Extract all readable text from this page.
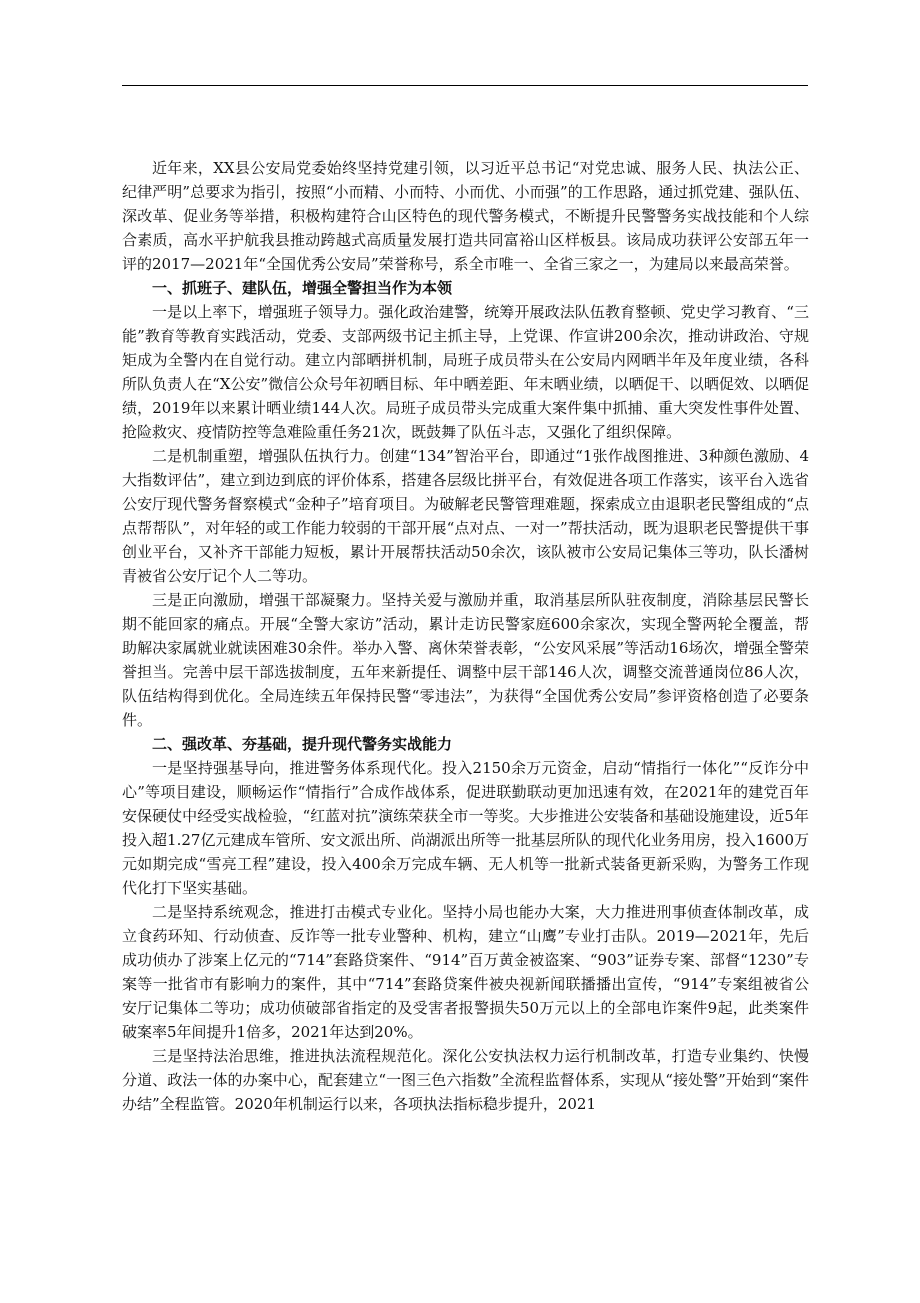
近年来，XX县公安局党委始终坚持党建引领，以习近平总书记“对党忠诚、服务人民、执法公正、纪律严明”总要求为指引，按照“小而精、小而特、小而优、小而强”的工作思路，通过抓党建、强队伍、深改革、促业务等举措，积极构建符合山区特色的现代警务模式，不断提升民警警务实战技能和个人综合素质，高水平护航我县推动跨越式高质量发展打造共同富裕山区样板县。该局成功获评公安部五年一评的2017—2021年“全国优秀公安局”荣誉称号，系全市唯一、全省三家之一，为建局以来最高荣誉。

一、抓班子、建队伍，增强全警担当作为本领

一是以上率下，增强班子领导力。强化政治建警，统筹开展政法队伍教育整顿、党史学习教育、“三能”教育等教育实践活动，党委、支部两级书记主抓主导，上党课、作宣讲200余次，推动讲政治、守规矩成为全警内在自觉行动。建立内部晒拼机制，局班子成员带头在公安局内网晒半年及年度业绩，各科所队负责人在“X公安”微信公众号年初晒目标、年中晒差距、年末晒业绩，以晒促干、以晒促效、以晒促绩，2019年以来累计晒业绩144人次。局班子成员带头完成重大案件集中抓捕、重大突发性事件处置、抢险救灾、疫情防控等急难险重任务21次，既鼓舞了队伍斗志，又强化了组织保障。

二是机制重塑，增强队伍执行力。创建“134”智治平台，即通过“1张作战图推进、3种颜色激励、4大指数评估”，建立到边到底的评价体系，搭建各层级比拼平台，有效促进各项工作落实，该平台入选省公安厅现代警务督察模式“金种子”培育项目。为破解老民警管理难题，探索成立由退职老民警组成的“点点帮帮队”，对年轻的或工作能力较弱的干部开展“点对点、一对一”帮扶活动，既为退职老民警提供干事创业平台，又补齐干部能力短板，累计开展帮扶活动50余次，该队被市公安局记集体三等功，队长潘树青被省公安厅记个人二等功。

三是正向激励，增强干部凝聚力。坚持关爱与激励并重，取消基层所队驻夜制度，消除基层民警长期不能回家的痛点。开展“全警大家访”活动，累计走访民警家庭600余家次，实现全警两轮全覆盖，帮助解决家属就业就读困难30余件。举办入警、离休荣誉表彰，“公安风采展”等活动16场次，增强全警荣誉担当。完善中层干部选拔制度，五年来新提任、调整中层干部146人次，调整交流普通岗位86人次，队伍结构得到优化。全局连续五年保持民警“零违法”，为获得“全国优秀公安局”参评资格创造了必要条件。

二、强改革、夯基础，提升现代警务实战能力

一是坚持强基导向，推进警务体系现代化。投入2150余万元资金，启动“情指行一体化”“反诈分中心”等项目建设，顺畅运作“情指行”合成作战体系，促进联勤联动更加迅速有效，在2021年的建党百年安保硬仗中经受实战检验，“红蓝对抗”演练荣获全市一等奖。大步推进公安装备和基础设施建设，近5年投入超1.27亿元建成车管所、安文派出所、尚湖派出所等一批基层所队的现代化业务用房，投入1600万元如期完成“雪亮工程”建设，投入400余万完成车辆、无人机等一批新式装备更新采购，为警务工作现代化打下坚实基础。

二是坚持系统观念，推进打击模式专业化。坚持小局也能办大案，大力推进刑事侦查体制改革，成立食药环知、行动侦查、反诈等一批专业警种、机构，建立“山鹰”专业打击队。2019—2021年，先后成功侦办了涉案上亿元的“714”套路贷案件、“914”百万黄金被盗案、“903”证券专案、部督“1230”专案等一批省市有影响力的案件，其中“714”套路贷案件被央视新闻联播播出宣传，“914”专案组被省公安厅记集体二等功；成功侦破部省指定的及受害者报警损失50万元以上的全部电诈案件9起，此类案件破案率5年间提升1倍多，2021年达到20%。

三是坚持法治思维，推进执法流程规范化。深化公安执法权力运行机制改革，打造专业集约、快慢分道、政法一体的办案中心，配套建立“一图三色六指数”全流程监督体系，实现从“接处警”开始到“案件办结”全程监管。2020年机制运行以来，各项执法指标稳步提升，2021
